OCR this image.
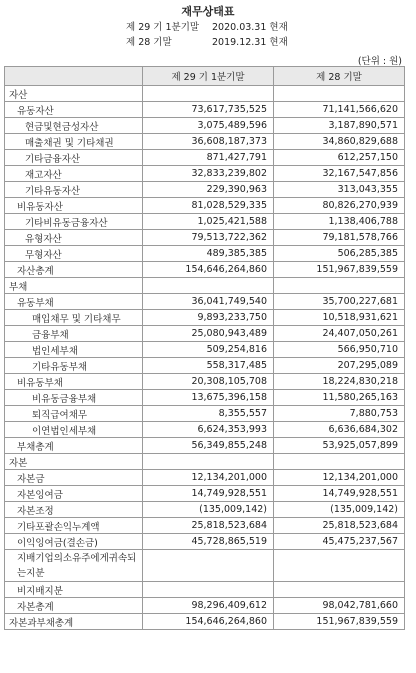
재무상태표
제 29 기 1분기말 2020.03.31 현재
제 28 기말	2019.12.31 현재
(단위 : 원)
	제 29 기 1분기말	제 28 기말
자산		
유동자산	73,617,735,525	71,141,566,620
현금및현금성자산	3,075,489,596	3,187,890,571
매출채권 및 기타채권	36,608,187,373	34,860,829,688
기타금융자산	871,427,791	612,257,150
재고자산	32,833,239,802	32,167,547,856
기타유동자산	229,390,963	313,043,355
비유동자산	81,028,529,335	80,826,270,939
기타비유동금융자산	1,025,421,588	1,138,406,788
유형자산	79,513,722,362	79,181,578,766
무형자산	489,385,385	506,285,385
자산총계	154,646,264,860	151,967,839,559
부채		
유동부채	36,041,749,540	35,700,227,681
매입채무 및 기타채무	9,893,233,750	10,518,931,621
금융부채	25,080,943,489	24,407,050,261
법인세부채	509,254,816	566,950,710
기타유동부채	558,317,485	207,295,089
비유동부채	20,308,105,708	18,224,830,218
비유동금융부채	13,675,396,158	11,580,265,163
퇴직급여채무	8,355,557	7,880,753
이연법인세부채	6,624,353,993	6,636,684,302
부채총계	56,349,855,248	53,925,057,899
자본		
자본금	12,134,201,000	12,134,201,000
자본잉여금	14,749,928,551	14,749,928,551
자본조정	(135,009,142)	(135,009,142)
기타포괄손익누계액	25,818,523,684	25,818,523,684
이익잉여금(결손금)	45,728,865,519	45,475,237,567
지배기업의소유주에게귀속되는지분		
비지배지분		
자본총계	98,296,409,612	98,042,781,660
자본과부채총계	154,646,264,860	151,967,839,559
